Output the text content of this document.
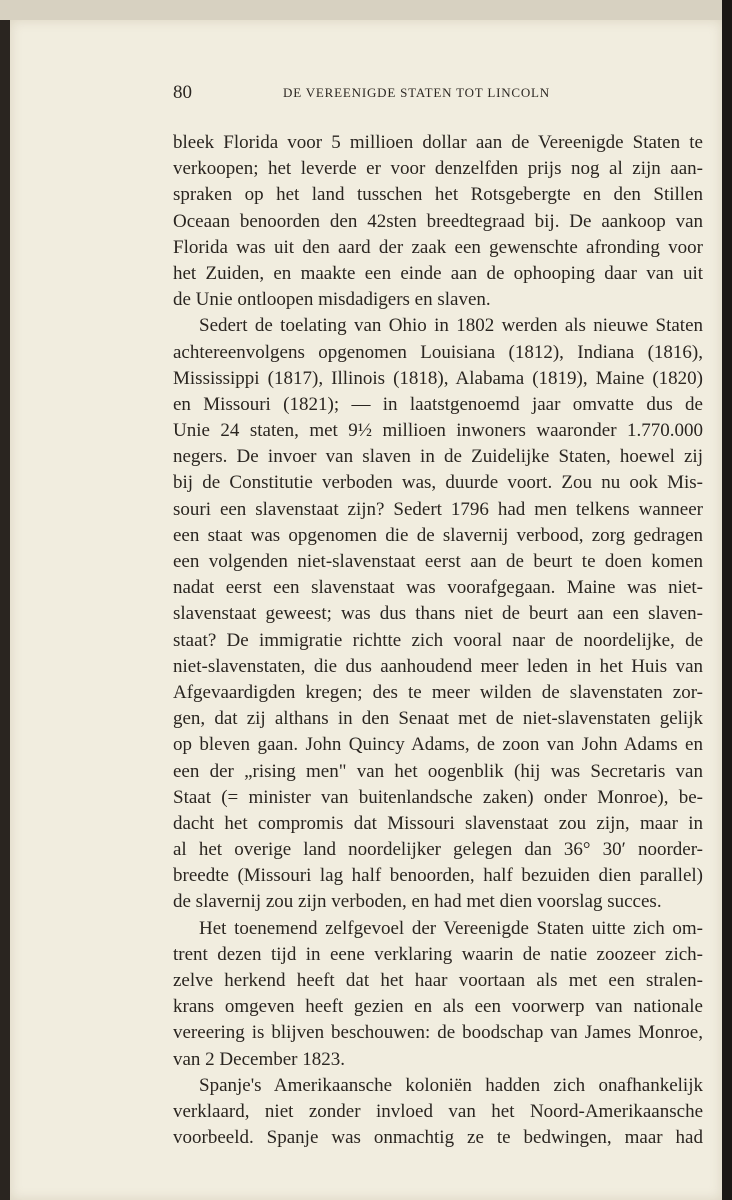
80	DE VEREENIGDE STATEN TOT LINCOLN
bleek Florida voor 5 millioen dollar aan de Vereenigde Staten te
verkoopen; het leverde er voor denzelfden prijs nog al zijn aan-
spraken op het land tusschen het Rotsgebergte en den Stillen
Oceaan benoorden den 42sten breedtegraad bij. De aankoop van
Florida was uit den aard der zaak een gewenschte afronding voor
het Zuiden, en maakte een einde aan de ophooping daar van uit
de Unie ontloopen misdadigers en slaven.
Sedert de toelating van Ohio in 1802 werden als nieuwe Staten
achtereenvolgens opgenomen Louisiana (1812), Indiana (1816),
Mississippi (1817), Illinois (1818), Alabama (1819), Maine (1820)
en Missouri (1821); — in laatstgenoemd jaar omvatte dus de
Unie 24 staten, met 9½ millioen inwoners waaronder 1.770.000
negers. De invoer van slaven in de Zuidelijke Staten, hoewel zij
bij de Constitutie verboden was, duurde voort. Zou nu ook Mis-
souri een slavenstaat zijn? Sedert 1796 had men telkens wanneer
een staat was opgenomen die de slavernij verbood, zorg gedragen
een volgenden niet-slavenstaat eerst aan de beurt te doen komen
nadat eerst een slavenstaat was voorafgegaan. Maine was niet-
slavenstaat geweest; was dus thans niet de beurt aan een slaven-
staat? De immigratie richtte zich vooral naar de noordelijke, de
niet-slavenstaten, die dus aanhoudend meer leden in het Huis van
Afgevaardigden kregen; des te meer wilden de slavenstaten zor-
gen, dat zij althans in den Senaat met de niet-slavenstaten gelijk
op bleven gaan. John Quincy Adams, de zoon van John Adams en
een der „rising men" van het oogenblik (hij was Secretaris van
Staat (= minister van buitenlandsche zaken) onder Monroe), be-
dacht het compromis dat Missouri slavenstaat zou zijn, maar in
al het overige land noordelijker gelegen dan 36° 30′ noorder-
breedte (Missouri lag half benoorden, half bezuiden dien parallel)
de slavernij zou zijn verboden, en had met dien voorslag succes.
Het toenemend zelfgevoel der Vereenigde Staten uitte zich om-
trent dezen tijd in eene verklaring waarin de natie zoozeer zich-
zelve herkend heeft dat het haar voortaan als met een stralen-
krans omgeven heeft gezien en als een voorwerp van nationale
vereering is blijven beschouwen: de boodschap van James Monroe,
van 2 December 1823.
Spanje's Amerikaansche koloniën hadden zich onafhankelijk
verklaard, niet zonder invloed van het Noord-Amerikaansche
voorbeeld. Spanje was onmachtig ze te bedwingen, maar had
